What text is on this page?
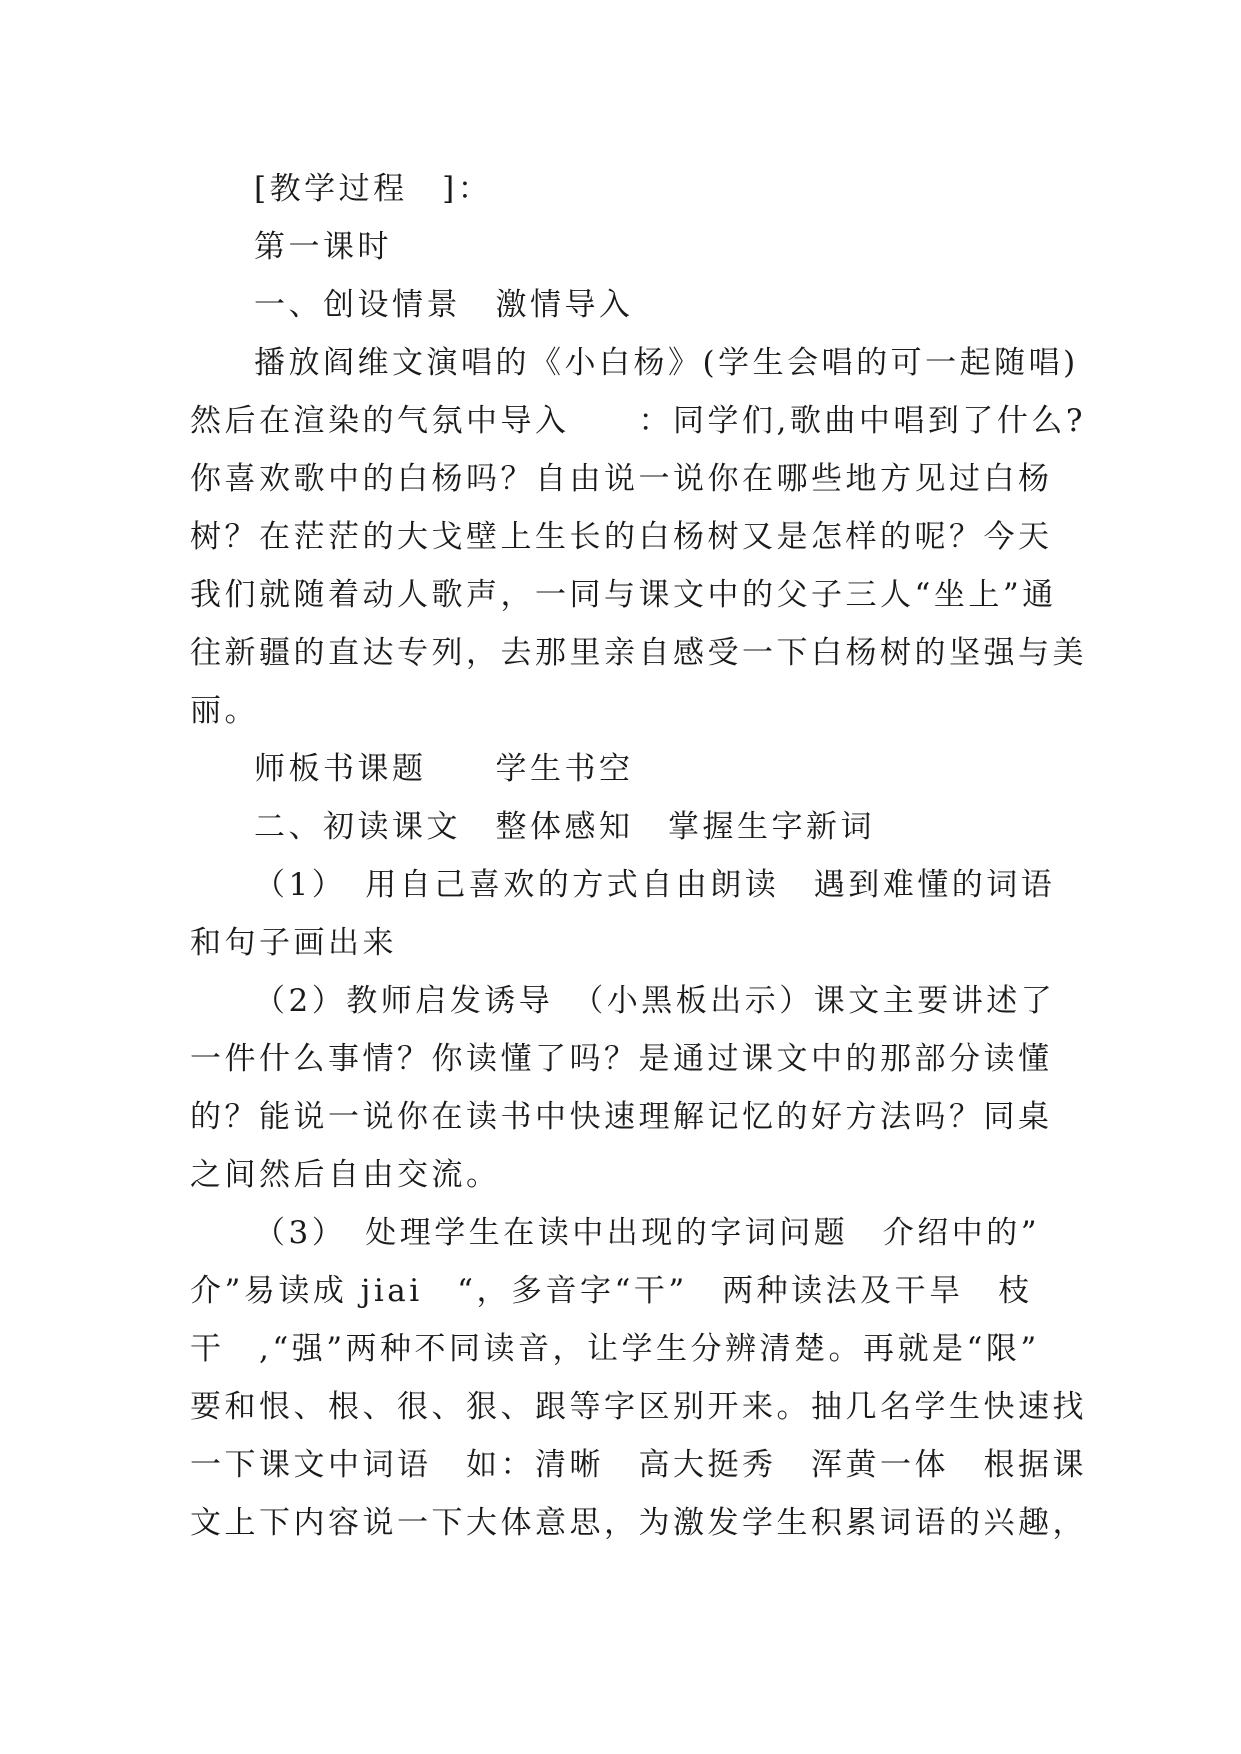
[教学过程　]：
第一课时
一、创设情景　激情导入
播放阎维文演唱的《小白杨》(学生会唱的可一起随唱)
然后在渲染的气氛中导入　　：同学们,歌曲中唱到了什么?
你喜欢歌中的白杨吗？自由说一说你在哪些地方见过白杨
树？在茫茫的大戈壁上生长的白杨树又是怎样的呢？今天
我们就随着动人歌声，一同与课文中的父子三人“坐上”通
往新疆的直达专列，去那里亲自感受一下白杨树的坚强与美
丽。
师板书课题　　学生书空
二、初读课文　整体感知　掌握生字新词
（1）　用自己喜欢的方式自由朗读　遇到难懂的词语
和句子画出来
（2）教师启发诱导　（小黑板出示）课文主要讲述了
一件什么事情？你读懂了吗？是通过课文中的那部分读懂
的？能说一说你在读书中快速理解记忆的好方法吗？同桌
之间然后自由交流。
（3）　处理学生在读中出现的字词问题　介绍中的”
介”易读成 jiai　“，多音字“干”　两种读法及干旱　枝
干　,“强”两种不同读音，让学生分辨清楚。再就是“限”
要和恨、根、很、狠、跟等字区别开来。抽几名学生快速找
一下课文中词语　如：清晰　高大挺秀　浑黄一体　根据课
文上下内容说一下大体意思，为激发学生积累词语的兴趣，
